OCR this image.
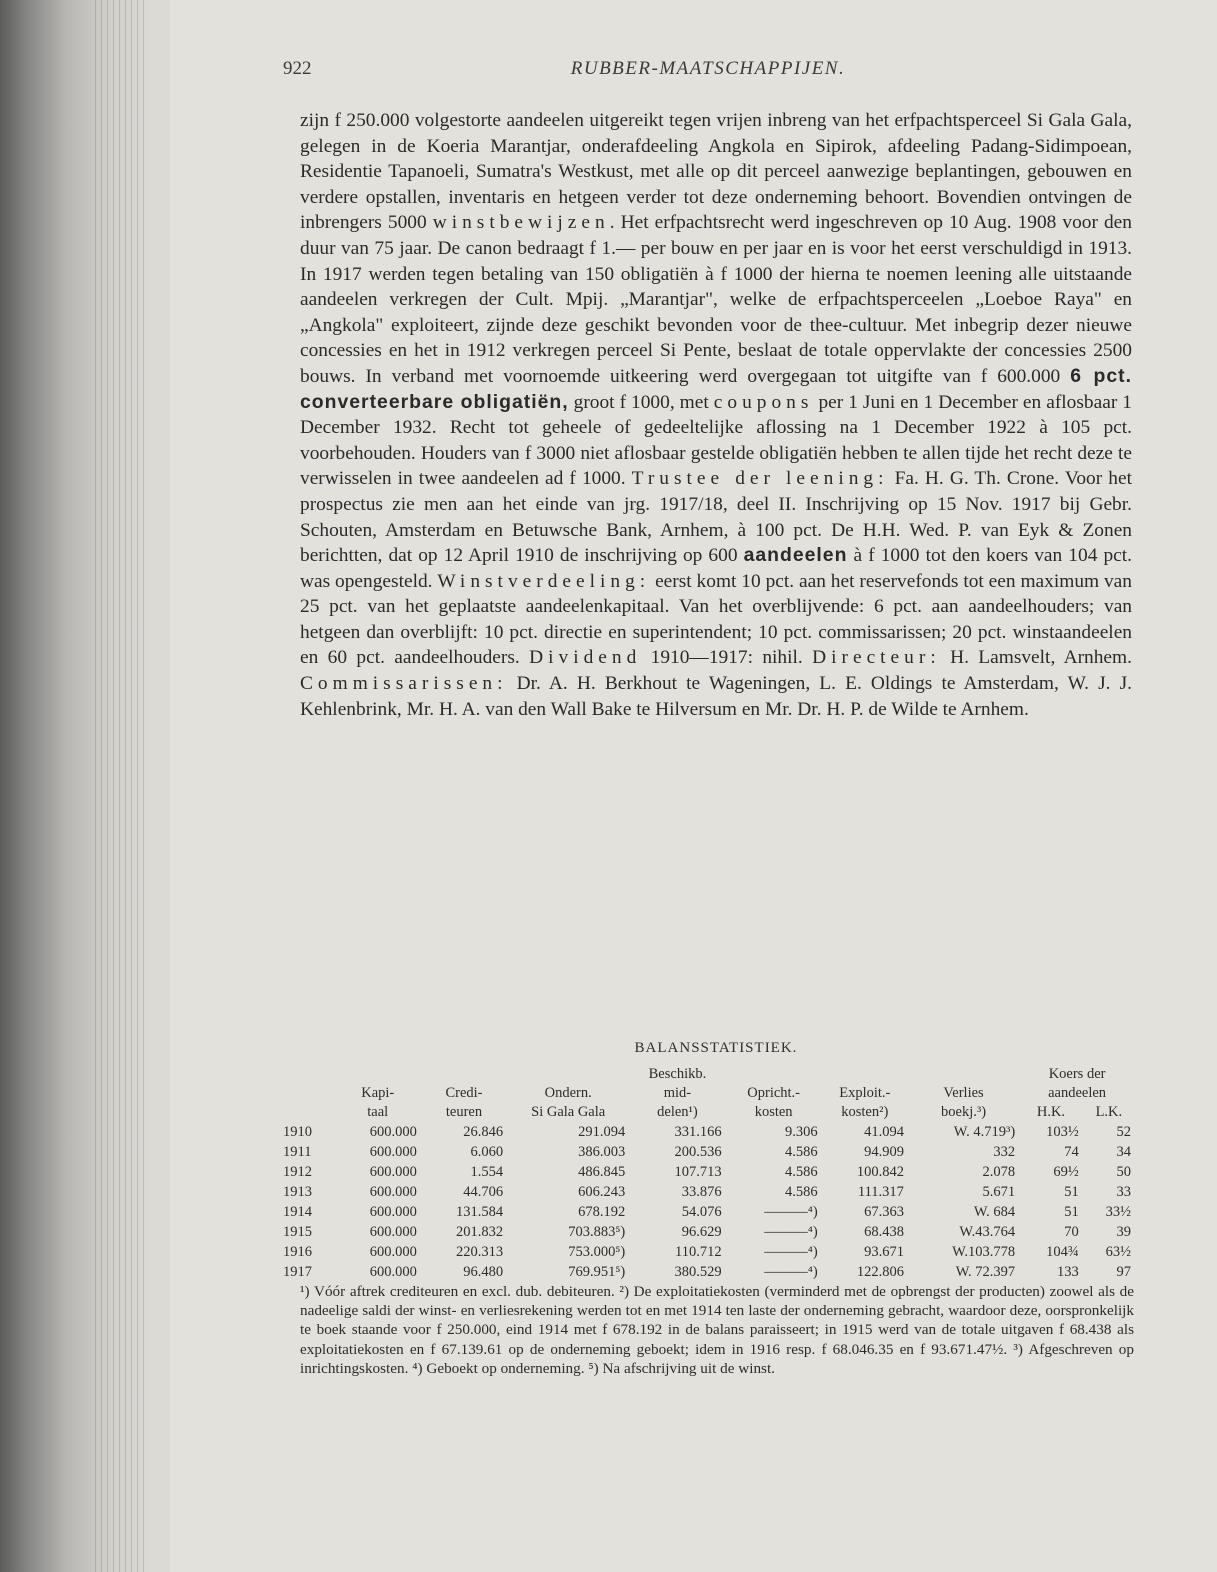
922	RUBBER-MAATSCHAPPIJEN.

zijn f 250.000 volgestorte aandeelen uitgereikt tegen vrijen inbreng van het erfpachtsperceel Si Gala Gala, gelegen in de Koeria Marantjar, onderafdeeling Angkola en Sipirok, afdeeling Padang-Sidimpoean, Residentie Tapanoeli, Sumatra's Westkust, met alle op dit perceel aanwezige beplantingen, gebouwen en verdere opstallen, inventaris en hetgeen verder tot deze onderneming behoort. Bovendien ontvingen de inbrengers 5000 winstbewijzen. Het erfpachtsrecht werd ingeschreven op 10 Aug. 1908 voor den duur van 75 jaar. De canon bedraagt f 1.— per bouw en per jaar en is voor het eerst verschuldigd in 1913. In 1917 werden tegen betaling van 150 obligatiën à f 1000 der hierna te noemen leening alle uitstaande aandeelen verkregen der Cult. Mpij. „Marantjar", welke de erfpachtsperceelen „Loeboe Raya" en „Angkola" exploiteert, zijnde deze geschikt bevonden voor de thee-cultuur. Met inbegrip dezer nieuwe concessies en het in 1912 verkregen perceel Si Pente, beslaat de totale oppervlakte der concessies 2500 bouws. In verband met voornoemde uitkeering werd overgegaan tot uitgifte van f 600.000 6 pct. converteerbare obligatiën, groot f 1000, met coupons per 1 Juni en 1 December en aflosbaar 1 December 1932. Recht tot geheele of gedeeltelijke aflossing na 1 December 1922 à 105 pct. voorbehouden. Houders van f 3000 niet aflosbaar gestelde obligatiën hebben te allen tijde het recht deze te verwisselen in twee aandeelen ad f 1000. Trustee der leening: Fa. H. G. Th. Crone. Voor het prospectus zie men aan het einde van jrg. 1917/18, deel II. Inschrijving op 15 Nov. 1917 bij Gebr. Schouten, Amsterdam en Betuwsche Bank, Arnhem, à 100 pct. De H.H. Wed. P. van Eyk & Zonen berichtten, dat op 12 April 1910 de inschrijving op 600 aandeelen à f 1000 tot den koers van 104 pct. was opengesteld. Winstverdeeling: eerst komt 10 pct. aan het reservefonds tot een maximum van 25 pct. van het geplaatste aandeelenkapitaal. Van het overblijvende: 6 pct. aan aandeelhouders; van hetgeen dan overblijft: 10 pct. directie en superintendent; 10 pct. commissarissen; 20 pct. winstaandeelen en 60 pct. aandeelhouders. Dividend 1910—1917: nihil. Directeur: H. Lamsvelt, Arnhem. Commissarissen: Dr. A. H. Berkhout te Wageningen, L. E. Oldings te Amsterdam, W. J. J. Kehlenbrink, Mr. H. A. van den Wall Bake te Hilversum en Mr. Dr. H. P. de Wilde te Arnhem.

BALANSSTATISTIEK.
				Beschikb.				Koers der	
	Kapi-	Credi-	Ondern.	mid-	Opricht.-	Exploit.-	Verlies	aandeelen	
	taal	teuren	Si Gala Gala	delen¹)	kosten	kosten²)	boekj.³)	H.K.	L.K.
1910	600.000	26.846	291.094	331.166	9.306	41.094	W. 4.719³)	103½	52
1911	600.000	6.060	386.003	200.536	4.586	94.909	332	74	34
1912	600.000	1.554	486.845	107.713	4.586	100.842	2.078	69½	50
1913	600.000	44.706	606.243	33.876	4.586	111.317	5.671	51	33
1914	600.000	131.584	678.192	54.076	———⁴)	67.363	W. 684	51	33½
1915	600.000	201.832	703.883⁵)	96.629	———⁴)	68.438	W.43.764	70	39
1916	600.000	220.313	753.000⁵)	110.712	———⁴)	93.671	W.103.778	104¾	63½
1917	600.000	96.480	769.951⁵)	380.529	———⁴)	122.806	W. 72.397	133	97
¹) Vóór aftrek crediteuren en excl. dub. debiteuren. ²) De exploitatiekosten (verminderd met de opbrengst der producten) zoowel als de nadeelige saldi der winst- en verliesrekening werden tot en met 1914 ten laste der onderneming gebracht, waardoor deze, oorspronkelijk te boek staande voor f 250.000, eind 1914 met f 678.192 in de balans paraisseert; in 1915 werd van de totale uitgaven f 68.438 als exploitatiekosten en f 67.139.61 op de onderneming geboekt; idem in 1916 resp. f 68.046.35 en f 93.671.47½. ³) Afgeschreven op inrichtingskosten. ⁴) Geboekt op onderneming. ⁵) Na afschrijving uit de winst.
